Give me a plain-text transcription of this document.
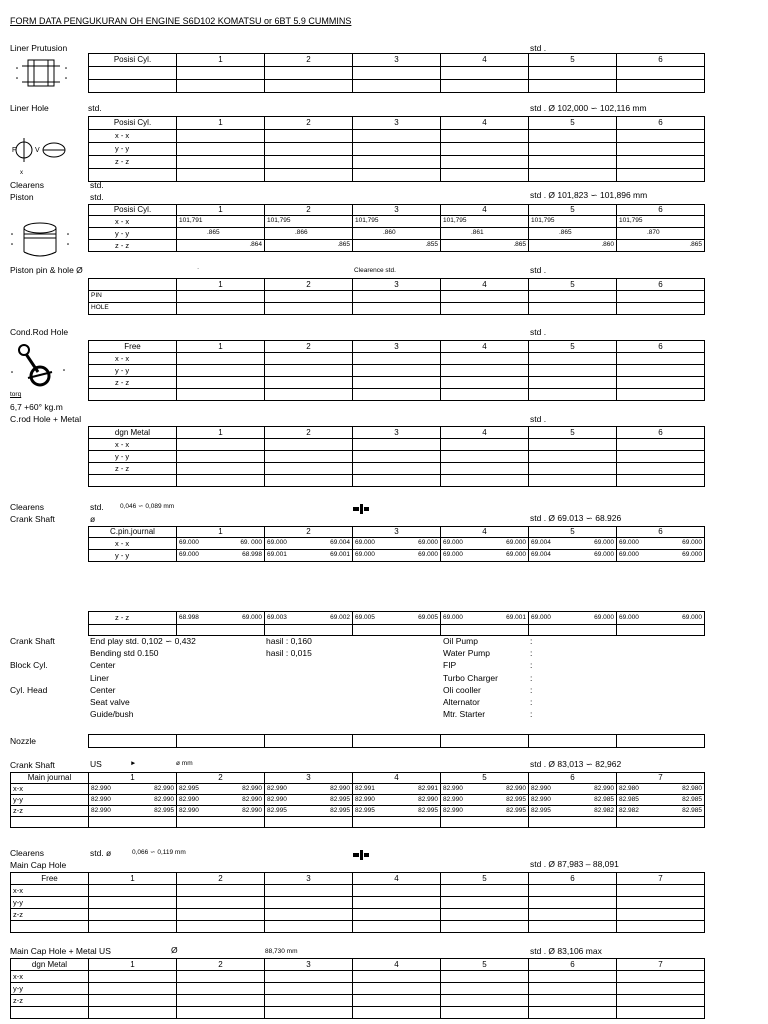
FORM DATA PENGUKURAN OH ENGINE S6D102 KOMATSU or 6BT 5.9 CUMMINS
Liner Prutusion	std .
Posisi Cyl.	1	2	3	4	5	6

Liner Hole	std.	std . Ø 102,000 ∽ 102,116 mm
F	V
x
Posisi Cyl.	1	2	3	4	5	6
x - x						
y - y						
z - z						

Clearens
Piston
std.
std.	std . Ø 101,823 ∽ 101,896 mm
Posisi Cyl.	1	2	3	4	5	6
x - x	101,791	101,795	101,795	101,795	101,795	101,795
y - y	.865	.866	.860	.861	.865	.870
z - z	.864	.865	.855	.865	.860	.865
Piston pin & hole Ø	·	Clearence std.	std .
	1	2	3	4	5	6
PIN						
HOLE						
Cond.Rod Hole	std .
torq
6,7 +60° kg.m
Free	1	2	3	4	5	6
x - x						
y - y						
z - z						

C.rod Hole + Metal	std .
dgn Metal	1	2	3	4	5	6
x - x						
y - y						
z - z						

Clearens
Crank Shaft
std.	0,046 ∽ 0,089 mm
ø	std . Ø 69.013 ∽ 68.926
C.pin.journal	1	2	3	4	5	6
x - x	69.000 69. 000	69.000 69.004	69.000 69.000	69.000 69.000	69.004 69.000	69.000 69.000

y - y	69.000 68.998	69.001 69.001	69.000 69.000	69.000 69.000	69.004 69.000	69.000 69.000
z - z	68.998 69.000	69.003 69.002	69.005 69.005	69.000 69.001	69.000 69.000	69.000 69.000

Crank Shaft	End play std. 0,102 ∽ 0,432	hasil : 0,160
Bending std 0.150	hasil : 0,015
Block Cyl.	Center
Liner
Cyl. Head	Center
Seat valve
Guide/bush
Oil Pump
Water Pump
FIP
Turbo Charger
Oli cooller
Alternator
Mtr. Starter
:
:
:
:
:
:
:
Nozzle

Crank Shaft	US	►	ø mm	std . Ø 83,013 ∽ 82,962
Main journal	1	2	3	4	5	6	7
x-x	82.990 82.990	82.995 82.990	82.990 82.990	82.991 82.991	82.990 82.990	82.990 82.990	82.980 82.980

y-y	82.990 82.990	82.990 82.990	82.990 82.995	82.990 82.990	82.990 82.995	82.990 82.985	82.985 82.985

z-z	82.990 82.995	82.990 82.990	82.995 82.995	82.995 82.995	82.990 82.995	82.995 82.982	82.982 82.985

Clearens
Main Cap Hole
std. ø	0,066 ∽ 0,119 mm
std . Ø 87,983 – 88,091
Free	1	2	3	4	5	6	7
x-x							
y-y							
z-z							

Main Cap Hole + Metal US	Ø	88,730 mm	std . Ø 83,106 max
dgn Metal	1	2	3	4	5	6	7
x-x							
y-y							
z-z							
